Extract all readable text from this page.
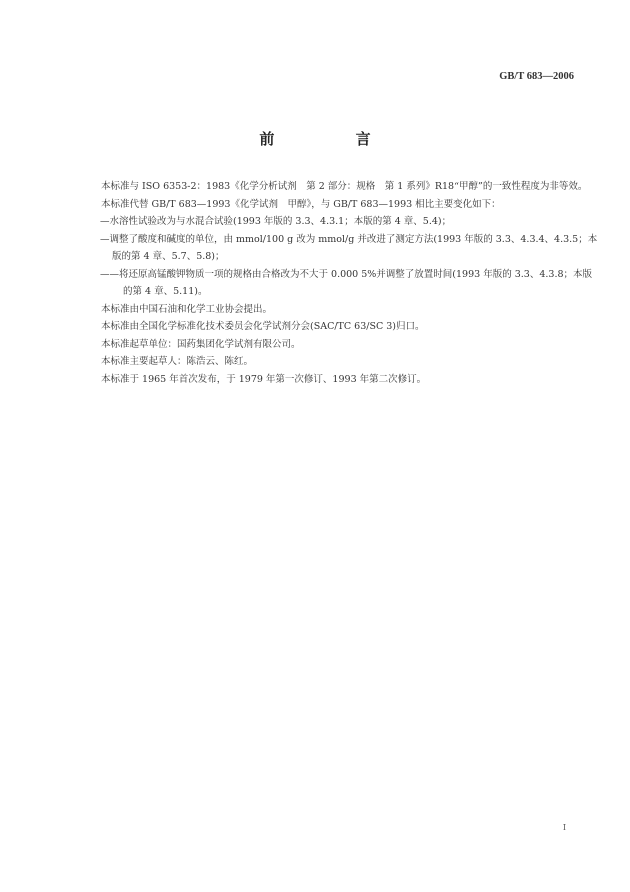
GB/T 683—2006
前 言

本标准与 ISO 6353-2：1983《化学分析试剂　第 2 部分：规格　第 1 系列》R18“甲醇”的一致性程度为非等效。

本标准代替 GB/T 683—1993《化学试剂　甲醇》，与 GB/T 683—1993 相比主要变化如下：

—水溶性试验改为与水混合试验(1993 年版的 3.3、4.3.1；本版的第 4 章、5.4)；

—调整了酸度和碱度的单位，由 mmol/100 g 改为 mmol/g 并改进了测定方法(1993 年版的 3.3、4.3.4、4.3.5；本版的第 4 章、5.7、5.8)；

——将还原高锰酸钾物质一项的规格由合格改为不大于 0.000 5%并调整了放置时间(1993 年版的 3.3、4.3.8；本版的第 4 章、5.11)。

本标准由中国石油和化学工业协会提出。

本标准由全国化学标准化技术委员会化学试剂分会(SAC/TC 63/SC 3)归口。

本标准起草单位：国药集团化学试剂有限公司。

本标准主要起草人：陈浩云、陈红。

本标准于 1965 年首次发布，于 1979 年第一次修订、1993 年第二次修订。

I
